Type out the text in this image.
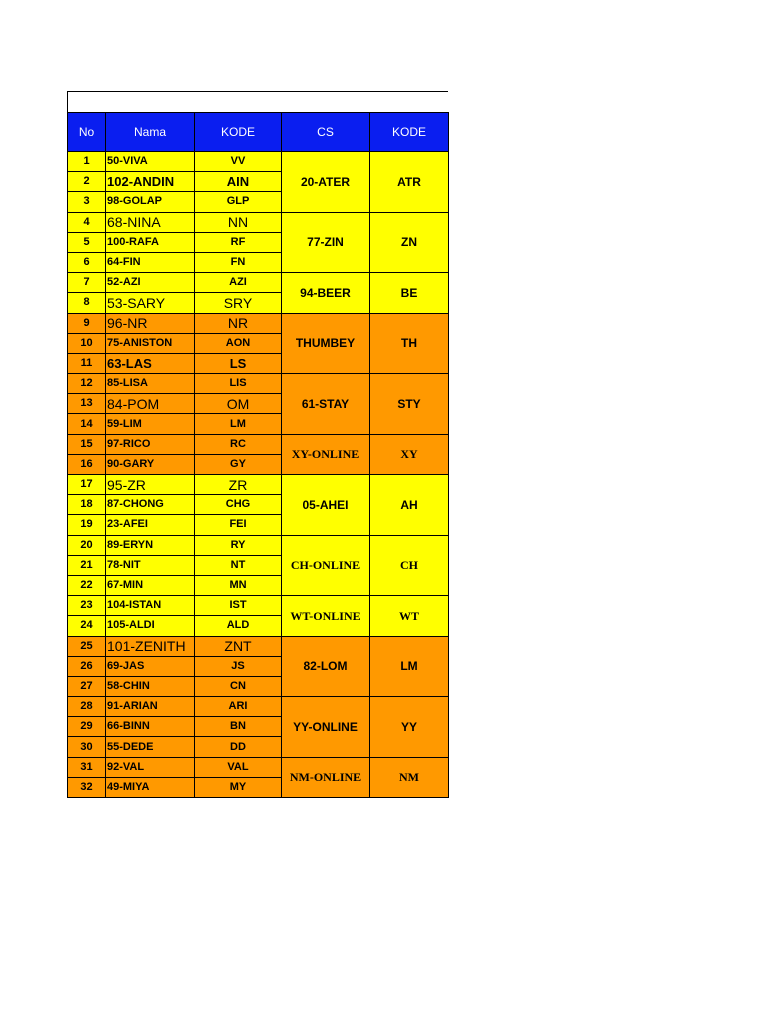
No	Nama	KODE	CS	KODE
1	50-VIVA	VV	20-ATER	ATR
2	102-ANDIN	AIN		
3	98-GOLAP	GLP		
4	68-NINA	NN	77-ZIN	ZN
5	100-RAFA	RF		
6	64-FIN	FN		
7	52-AZI	AZI	94-BEER	BE
8	53-SARY	SRY		
9	96-NR	NR	THUMBEY	TH
10	75-ANISTON	AON		
11	63-LAS	LS		
12	85-LISA	LIS	61-STAY	STY
13	84-POM	OM		
14	59-LIM	LM		
15	97-RICO	RC	XY-ONLINE	XY
16	90-GARY	GY		
17	95-ZR	ZR	05-AHEI	AH
18	87-CHONG	CHG		
19	23-AFEI	FEI		
20	89-ERYN	RY	CH-ONLINE	CH
21	78-NIT	NT		
22	67-MIN	MN		
23	104-ISTAN	IST	WT-ONLINE	WT
24	105-ALDI	ALD		
25	101-ZENITH	ZNT	82-LOM	LM
26	69-JAS	JS		
27	58-CHIN	CN		
28	91-ARIAN	ARI	YY-ONLINE	YY
29	66-BINN	BN		
30	55-DEDE	DD		
31	92-VAL	VAL	NM-ONLINE	NM
32	49-MIYA	MY		
